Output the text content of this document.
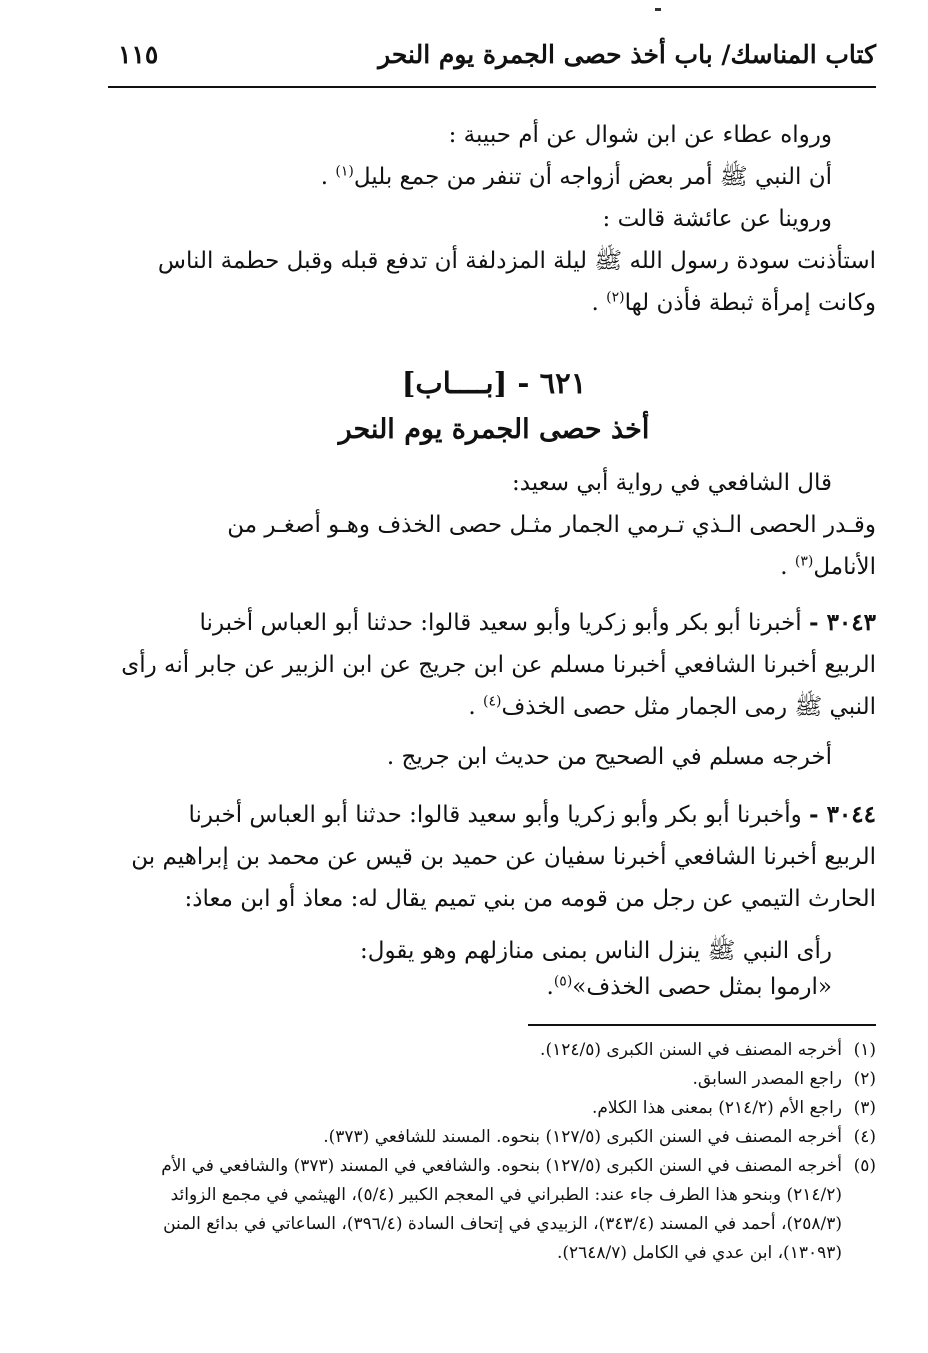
كتاب المناسك/ باب أخذ حصى الجمرة يوم النحر
١١٥
ورواه عطاء عن ابن شوال عن أم حبيبة :
أن النبي ﷺ أمر بعض أزواجه أن تنفر من جمع بليل$^{(١)}$ .
وروينا عن عائشة قالت :
استأذنت سودة رسول الله ﷺ ليلة المزدلفة أن تدفع قبله وقبل حطمة الناس
وكانت إمرأة ثبطة فأذن لها$^{(٢)}$ .
٦٢١ - [بــــاب]
أخذ حصى الجمرة يوم النحر
قال الشافعي في رواية أبي سعيد:
وقـدر الحصى الـذي تـرمي الجمار مثـل حصى الخذف وهـو أصغـر من
الأنامل$^{(٣)}$ .
٣٠٤٣ - أخبرنا أبو بكر وأبو زكريا وأبو سعيد قالوا: حدثنا أبو العباس أخبرنا
الربيع أخبرنا الشافعي أخبرنا مسلم عن ابن جريج عن ابن الزبير عن جابر أنه رأى
النبي ﷺ رمى الجمار مثل حصى الخذف$^{(٤)}$ .
أخرجه مسلم في الصحيح من حديث ابن جريج .
٣٠٤٤ - وأخبرنا أبو بكر وأبو زكريا وأبو سعيد قالوا: حدثنا أبو العباس أخبرنا
الربيع أخبرنا الشافعي أخبرنا سفيان عن حميد بن قيس عن محمد بن إبراهيم بن
الحارث التيمي عن رجل من قومه من بني تميم يقال له: معاذ أو ابن معاذ:
رأى النبي ﷺ ينزل الناس بمنى منازلهم وهو يقول:
«ارموا بمثل حصى الخذف»$^{(٥)}$.
(١)أخرجه المصنف في السنن الكبرى (١٢٤/٥).
(٢)راجع المصدر السابق.
(٣)راجع الأم (٢١٤/٢) بمعنى هذا الكلام.
(٤)أخرجه المصنف في السنن الكبرى (١٢٧/٥) بنحوه. المسند للشافعي (٣٧٣).
(٥)أخرجه المصنف في السنن الكبرى (١٢٧/٥) بنحوه. والشافعي في المسند (٣٧٣) والشافعي في الأم
(٢١٤/٢) وبنحو هذا الطرف جاء عند: الطبراني في المعجم الكبير (٥/٤)، الهيثمي في مجمع الزوائد
(٢٥٨/٣)، أحمد في المسند (٣٤٣/٤)، الزبيدي في إتحاف السادة (٣٩٦/٤)، الساعاتي في بدائع المنن
(١٣٠٩٣)، ابن عدي في الكامل (٢٦٤٨/٧).
